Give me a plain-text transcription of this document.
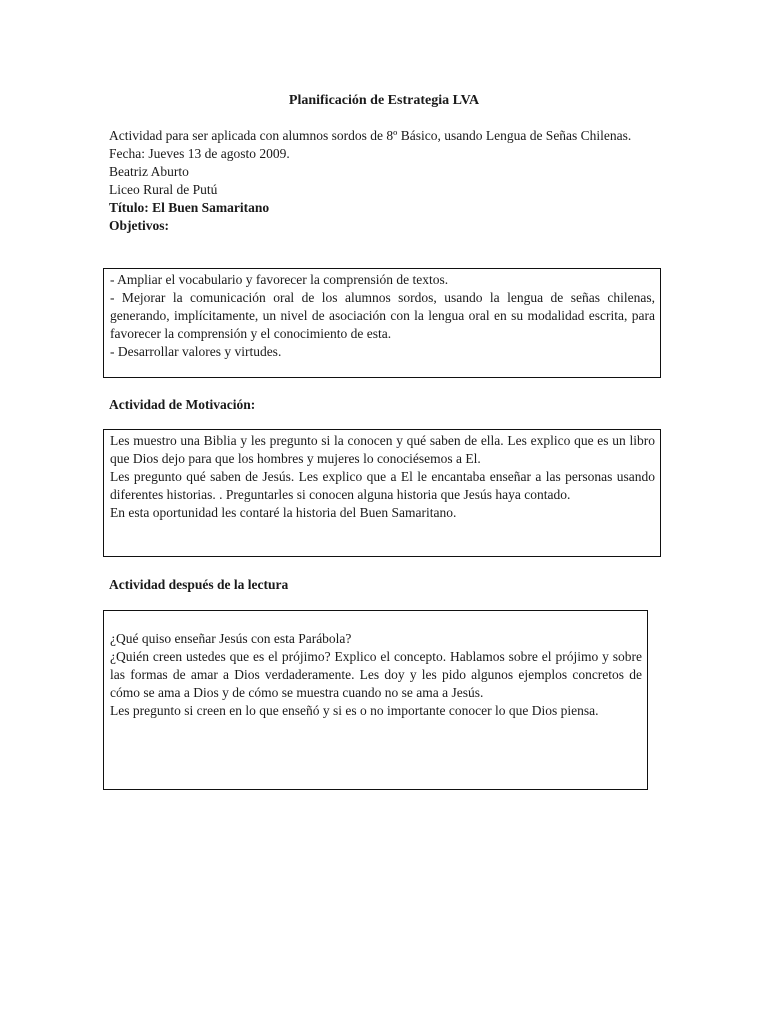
Planificación de Estrategia LVA
Actividad para ser aplicada con alumnos sordos de 8º Básico, usando Lengua de Señas Chilenas.
Fecha: Jueves 13 de agosto 2009.
Beatriz Aburto
Liceo Rural de Putú
Título: El Buen Samaritano
Objetivos:

- Ampliar el vocabulario y favorecer la comprensión de textos.

- Mejorar la comunicación oral de los alumnos sordos, usando la lengua de señas chilenas, generando, implícitamente, un nivel de asociación con la lengua oral en su modalidad escrita, para favorecer la comprensión y el conocimiento de esta.

- Desarrollar valores y virtudes.

Actividad de Motivación:

Les muestro una Biblia y les pregunto si la conocen y qué saben de ella. Les explico que es un libro que Dios dejo para que los hombres y mujeres lo conociésemos a El.

Les pregunto qué saben de Jesús. Les explico que a El le encantaba enseñar a las personas usando diferentes historias. . Preguntarles si conocen alguna historia que Jesús haya contado.

En esta oportunidad les contaré la historia del Buen Samaritano.

Actividad después de la lectura

¿Qué quiso enseñar Jesús con esta Parábola?

¿Quién creen ustedes que es el prójimo? Explico el concepto. Hablamos sobre el prójimo y sobre las formas de amar a Dios verdaderamente. Les doy y les pido algunos ejemplos concretos de cómo se ama a Dios y de cómo se muestra cuando no se ama a Jesús.

Les pregunto si creen en lo que enseñó y si es o no importante conocer lo que Dios piensa.
